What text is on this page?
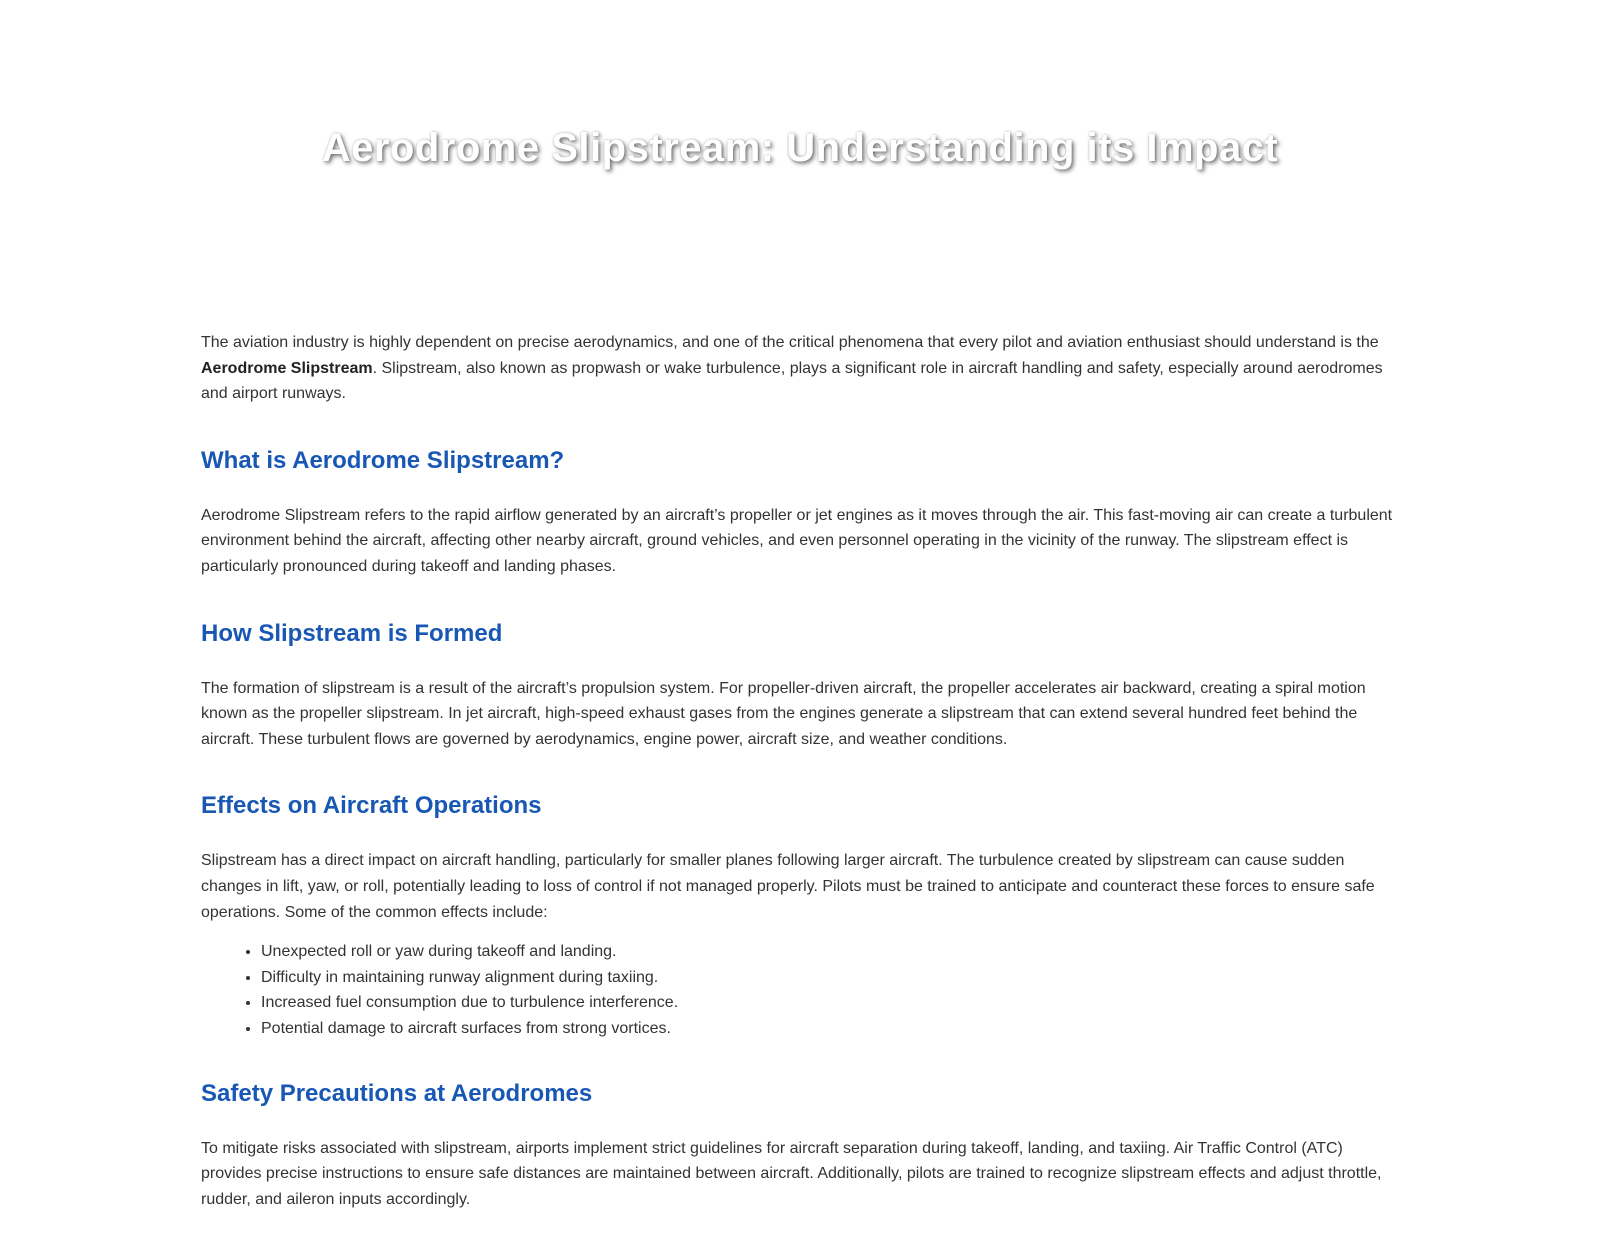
Aerodrome Slipstream: Understanding its Impact

The aviation industry is highly dependent on precise aerodynamics, and one of the critical phenomena that every pilot and aviation enthusiast should understand is the Aerodrome Slipstream. Slipstream, also known as propwash or wake turbulence, plays a significant role in aircraft handling and safety, especially around aerodromes and airport runways.

What is Aerodrome Slipstream?

Aerodrome Slipstream refers to the rapid airflow generated by an aircraft’s propeller or jet engines as it moves through the air. This fast-moving air can create a turbulent environment behind the aircraft, affecting other nearby aircraft, ground vehicles, and even personnel operating in the vicinity of the runway. The slipstream effect is particularly pronounced during takeoff and landing phases.

How Slipstream is Formed

The formation of slipstream is a result of the aircraft’s propulsion system. For propeller-driven aircraft, the propeller accelerates air backward, creating a spiral motion known as the propeller slipstream. In jet aircraft, high-speed exhaust gases from the engines generate a slipstream that can extend several hundred feet behind the aircraft. These turbulent flows are governed by aerodynamics, engine power, aircraft size, and weather conditions.

Effects on Aircraft Operations

Slipstream has a direct impact on aircraft handling, particularly for smaller planes following larger aircraft. The turbulence created by slipstream can cause sudden changes in lift, yaw, or roll, potentially leading to loss of control if not managed properly. Pilots must be trained to anticipate and counteract these forces to ensure safe operations. Some of the common effects include:

• Unexpected roll or yaw during takeoff and landing.
• Difficulty in maintaining runway alignment during taxiing.
• Increased fuel consumption due to turbulence interference.
• Potential damage to aircraft surfaces from strong vortices.
Safety Precautions at Aerodromes

To mitigate risks associated with slipstream, airports implement strict guidelines for aircraft separation during takeoff, landing, and taxiing. Air Traffic Control (ATC) provides precise instructions to ensure safe distances are maintained between aircraft. Additionally, pilots are trained to recognize slipstream effects and adjust throttle, rudder, and aileron inputs accordingly.
